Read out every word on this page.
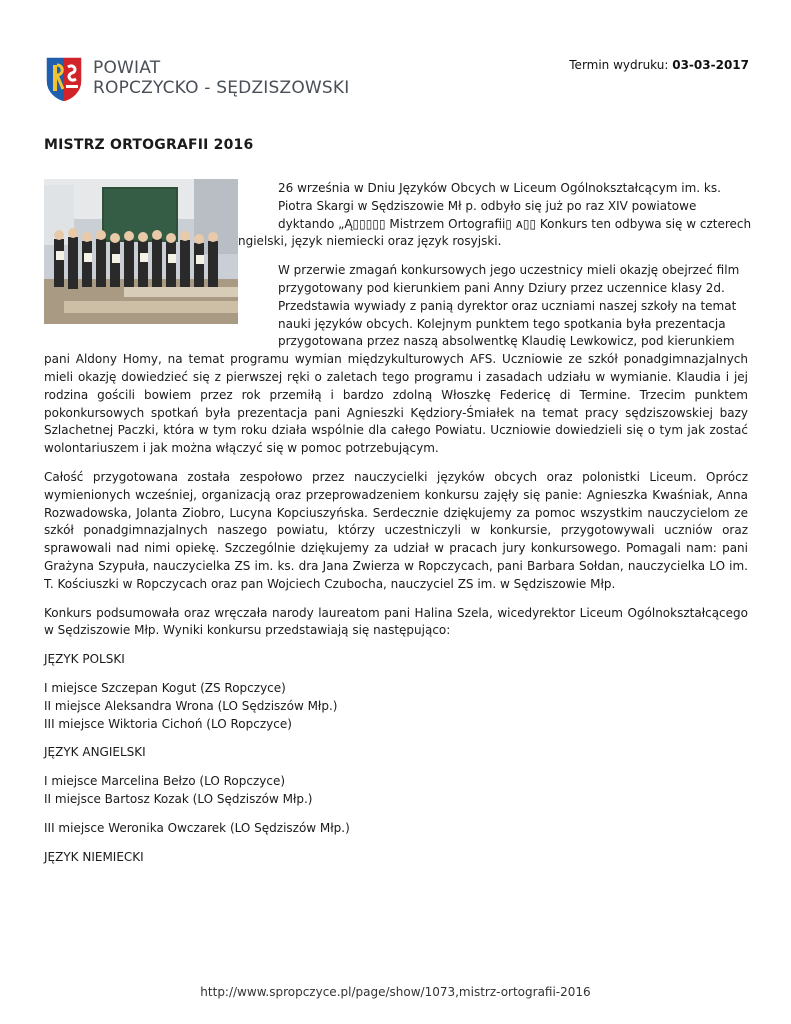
POWIAT
ROPCZYCKO - SĘDZISZOWSKI
Termin wydruku: 03-03-2017
MISTRZ ORTOGRAFII 2016

26 września w Dniu Języków Obcych w Liceum Ogólnokształcącym im. ks.

Piotra Skargi w Sędziszowie Mł p. odbyło się już po raz XIV powiatowe

dyktando „Ą▯▯▯▯▯ Mistrzem Ortografii▯ ᴀ▯▯ Konkurs ten odbywa się w czterech

ngielski, język niemiecki oraz język rosyjski.

W przerwie zmagań konkursowych jego uczestnicy mieli okazję obejrzeć film

przygotowany pod kierunkiem pani Anny Dziury przez uczennice klasy 2d.

Przedstawia wywiady z panią dyrektor oraz uczniami naszej szkoły na temat

nauki języków obcych. Kolejnym punktem tego spotkania była prezentacja

przygotowana przez naszą absolwentkę Klaudię Lewkowicz, pod kierunkiem

pani Aldony Homy, na temat programu wymian międzykulturowych AFS. Uczniowie ze szkół ponadgimnazjalnych mieli okazję dowiedzieć się z pierwszej ręki o zaletach tego programu i zasadach udziału w wymianie. Klaudia i jej rodzina gościli bowiem przez rok przemiłą i bardzo zdolną Włoszkę Federicę di Termine. Trzecim punktem pokonkursowych spotkań była prezentacja pani Agnieszki Kędziory-Śmiałek na temat pracy sędziszowskiej bazy Szlachetnej Paczki, która w tym roku działa wspólnie dla całego Powiatu. Uczniowie dowiedzieli się o tym jak zostać wolontariuszem i jak można włączyć się w pomoc potrzebującym.

Całość przygotowana została zespołowo przez nauczycielki języków obcych oraz polonistki Liceum. Oprócz wymienionych wcześniej, organizacją oraz przeprowadzeniem konkursu zajęły się panie: Agnieszka Kwaśniak, Anna Rozwadowska, Jolanta Ziobro, Lucyna Kopciuszyńska. Serdecznie dziękujemy za pomoc wszystkim nauczycielom ze szkół ponadgimnazjalnych naszego powiatu, którzy uczestniczyli w konkursie, przygotowywali uczniów oraz sprawowali nad nimi opiekę. Szczególnie dziękujemy za udział w pracach jury konkursowego. Pomagali nam: pani Grażyna Szypuła, nauczycielka ZS im. ks. dra Jana Zwierza w Ropczycach, pani Barbara Sołdan, nauczycielka LO im. T. Kościuszki w Ropczycach oraz pan Wojciech Czubocha, nauczyciel ZS im. w Sędziszowie Młp.

Konkurs podsumowała oraz wręczała narody laureatom pani Halina Szela, wicedyrektor Liceum Ogólnokształcącego w Sędziszowie Młp. Wyniki konkursu przedstawiają się następująco:

JĘZYK POLSKI

I miejsce Szczepan Kogut (ZS Ropczyce)

II miejsce Aleksandra Wrona (LO Sędziszów Młp.)

III miejsce Wiktoria Cichoń (LO Ropczyce)

JĘZYK ANGIELSKI

I miejsce Marcelina Bełzo (LO Ropczyce)

II miejsce Bartosz Kozak (LO Sędziszów Młp.)

III miejsce Weronika Owczarek (LO Sędziszów Młp.)

JĘZYK NIEMIECKI

http://www.spropczyce.pl/page/show/1073,mistrz-ortografii-2016
